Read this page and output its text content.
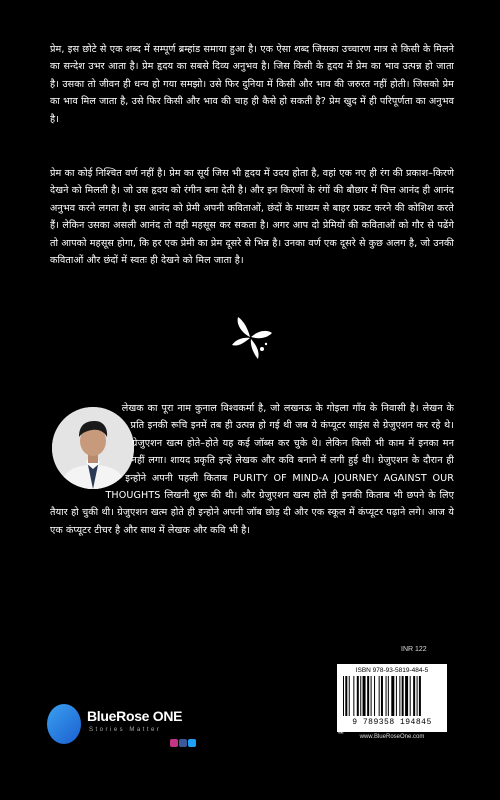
प्रेम, इस छोटे से एक शब्द में सम्पूर्ण ब्रम्हांड समाया हुआ है। एक ऐसा शब्द जिसका उच्चारण मात्र से किसी के मिलने का सन्देश उभर आता है। प्रेम हृदय का सबसे दिव्य अनुभव है। जिस किसी के हृदय में प्रेम का भाव उत्पन्न हो जाता है। उसका तो जीवन ही धन्य हो गया समझो। उसे फिर दुनिया में किसी और भाव की जरुरत नहीं होती। जिसको प्रेम का भाव मिल जाता है, उसे फिर किसी और भाव की चाह ही कैसे हो सकती है? प्रेम खुद में ही परिपूर्णता का अनुभव है।
प्रेम का कोई निश्चित वर्ण नहीं है। प्रेम का सूर्य जिस भी हृदय में उदय होता है, वहां एक नए ही रंग की प्रकाश–किरणे देखने को मिलती है। जो उस हृदय को रंगीन बना देती है। और इन किरणों के रंगों की बौछार में चित्त आनंद ही आनंद अनुभव करने लगता है। इस आनंद को प्रेमी अपनी कविताओं, छंदों के माध्यम से बाहर प्रकट करने की कोशिश करते हैं। लेकिन उसका असली आनंद तो वही महसूस कर सकता है। अगर आप दो प्रेमियों की कविताओं को गौर से पढेंगे तो आपको महसूस होगा, कि हर एक प्रेमी का प्रेम दूसरे से भिन्न है। उनका वर्ण एक दूसरे से कुछ अलग है, जो उनकी कविताओं और छंदों में स्वतः ही देखने को मिल जाता है।
लेखक का पूरा नाम कुनाल विश्वकर्मा है, जो लखनऊ के गोइला गाँव के निवासी है। लेखन के प्रति इनकी रूचि इनमें तब ही उत्पन्न हो गई थी जब ये कंप्यूटर साइंस से ग्रेजुएशन कर रहे थे। ग्रेजुएशन खत्म होते–होते यह कई जॉब्स कर चुके थे। लेकिन किसी भी काम में इनका मन नहीं लगा। शायद प्रकृति इन्हें लेखक और कवि बनाने में लगी हुई थी। ग्रेजुएशन के दौरान ही इन्होने अपनी पहली किताब PURITY OF MIND-A JOURNEY AGAINST OUR THOUGHTS लिखनी शुरू की थी। और ग्रेजुएशन खत्म होते ही इनकी किताब भी छपने के लिए तैयार हो चुकी थी। ग्रेजुएशन खत्म होते ही इन्होने अपनी जॉब छोड़ दी और एक स्कूल में कंप्यूटर पढ़ाने लगे। आज ये एक कंप्यूटर टीचर है और साथ में लेखक और कवि भी है।
INR 122
ISBN 978-93-5819-484-5
9 789358 194845
www.BlueRoseOne.com
BlueRose ONE
Stories Matter
